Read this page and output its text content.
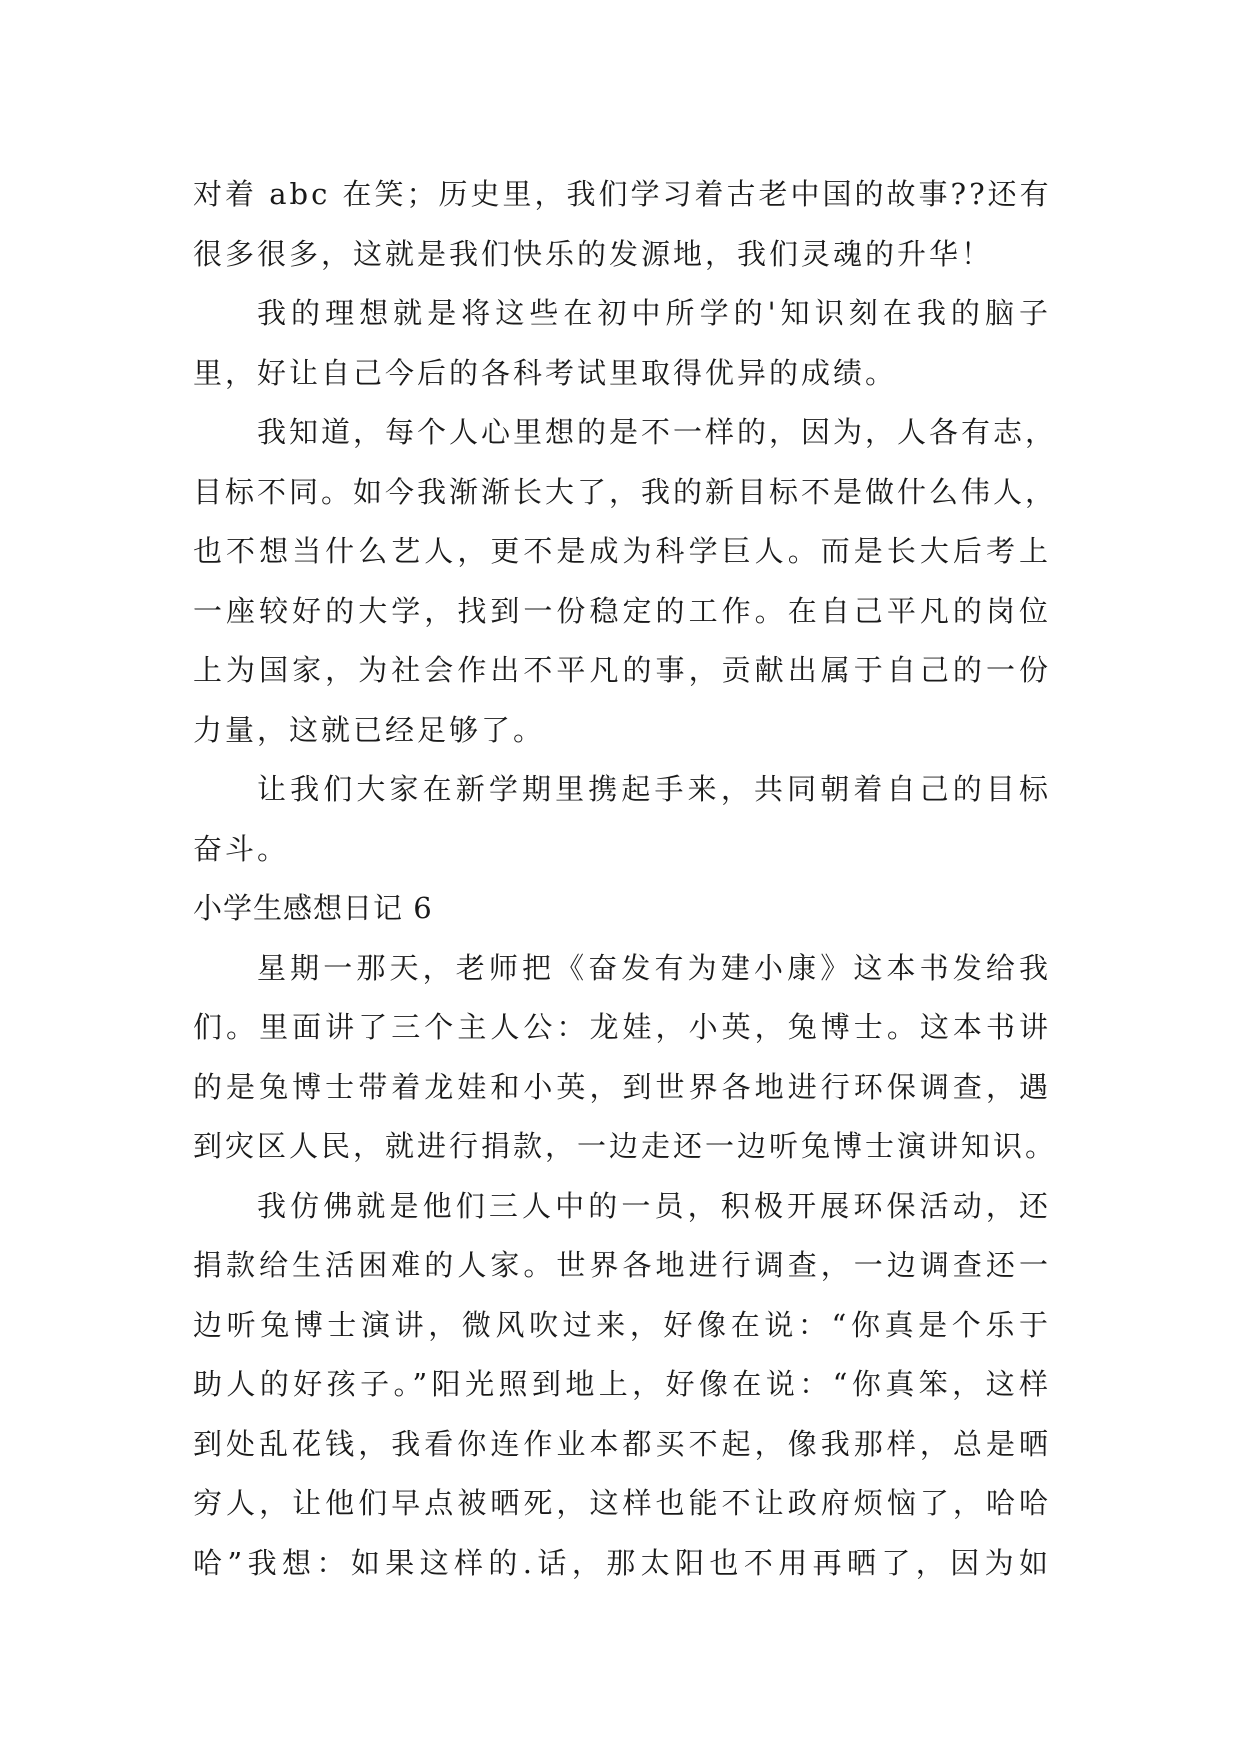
对着 abc 在笑；历史里，我们学习着古老中国的故事??还有
很多很多，这就是我们快乐的发源地，我们灵魂的升华！
我的理想就是将这些在初中所学的'知识刻在我的脑子
里，好让自己今后的各科考试里取得优异的成绩。
我知道，每个人心里想的是不一样的，因为，人各有志，
目标不同。如今我渐渐长大了，我的新目标不是做什么伟人，
也不想当什么艺人，更不是成为科学巨人。而是长大后考上
一座较好的大学，找到一份稳定的工作。在自己平凡的岗位
上为国家，为社会作出不平凡的事，贡献出属于自己的一份
力量，这就已经足够了。
让我们大家在新学期里携起手来，共同朝着自己的目标
奋斗。
小学生感想日记 6
星期一那天，老师把《奋发有为建小康》这本书发给我
们。里面讲了三个主人公：龙娃，小英，兔博士。这本书讲
的是兔博士带着龙娃和小英，到世界各地进行环保调查，遇
到灾区人民，就进行捐款，一边走还一边听兔博士演讲知识。
我仿佛就是他们三人中的一员，积极开展环保活动，还
捐款给生活困难的人家。世界各地进行调查，一边调查还一
边听兔博士演讲，微风吹过来，好像在说：“你真是个乐于
助人的好孩子。”阳光照到地上，好像在说：“你真笨，这样
到处乱花钱，我看你连作业本都买不起，像我那样，总是晒
穷人，让他们早点被晒死，这样也能不让政府烦恼了，哈哈
哈”我想：如果这样的.话，那太阳也不用再晒了，因为如
